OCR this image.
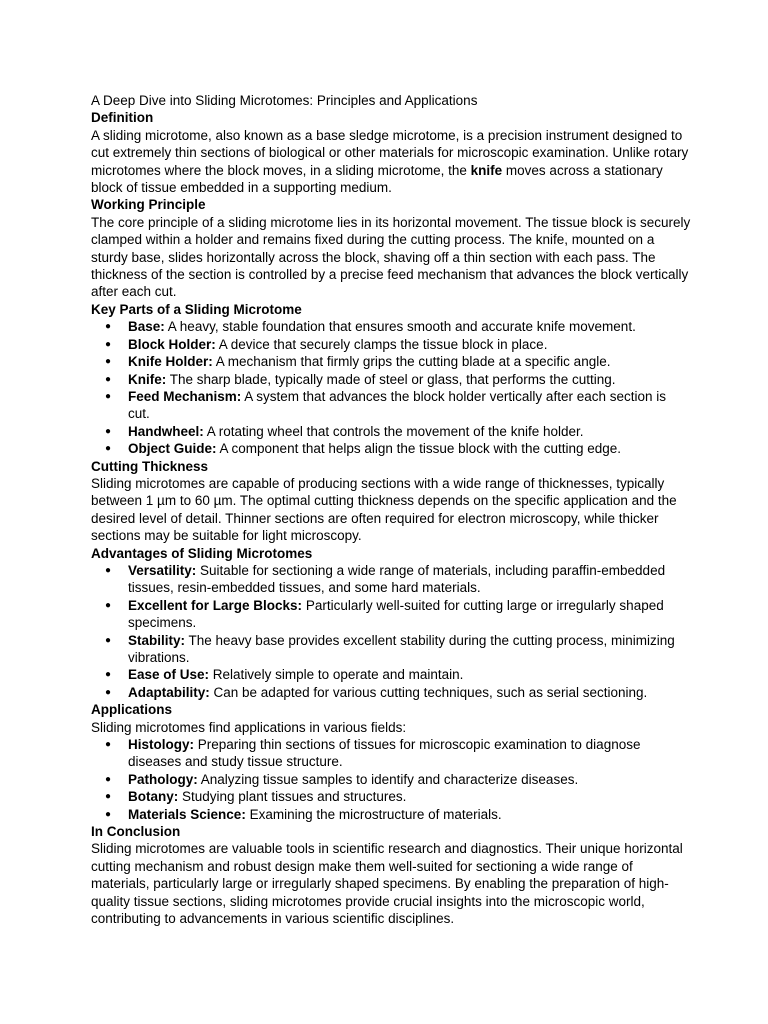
A Deep Dive into Sliding Microtomes: Principles and Applications

Definition

A sliding microtome, also known as a base sledge microtome, is a precision instrument designed to cut extremely thin sections of biological or other materials for microscopic examination. Unlike rotary microtomes where the block moves, in a sliding microtome, the knife moves across a stationary block of tissue embedded in a supporting medium.

Working Principle

The core principle of a sliding microtome lies in its horizontal movement. The tissue block is securely clamped within a holder and remains fixed during the cutting process. The knife, mounted on a sturdy base, slides horizontally across the block, shaving off a thin section with each pass. The thickness of the section is controlled by a precise feed mechanism that advances the block vertically after each cut.

Key Parts of a Sliding Microtome
● Base: A heavy, stable foundation that ensures smooth and accurate knife movement.
● Block Holder: A device that securely clamps the tissue block in place.
● Knife Holder: A mechanism that firmly grips the cutting blade at a specific angle.
● Knife: The sharp blade, typically made of steel or glass, that performs the cutting.
● Feed Mechanism: A system that advances the block holder vertically after each section is cut.
● Handwheel: A rotating wheel that controls the movement of the knife holder.
● Object Guide: A component that helps align the tissue block with the cutting edge.
Cutting Thickness

Sliding microtomes are capable of producing sections with a wide range of thicknesses, typically between 1 µm to 60 µm. The optimal cutting thickness depends on the specific application and the desired level of detail. Thinner sections are often required for electron microscopy, while thicker sections may be suitable for light microscopy.

Advantages of Sliding Microtomes
● Versatility: Suitable for sectioning a wide range of materials, including paraffin-embedded tissues, resin-embedded tissues, and some hard materials.
● Excellent for Large Blocks: Particularly well-suited for cutting large or irregularly shaped specimens.
● Stability: The heavy base provides excellent stability during the cutting process, minimizing vibrations.
● Ease of Use: Relatively simple to operate and maintain.
● Adaptability: Can be adapted for various cutting techniques, such as serial sectioning.
Applications

Sliding microtomes find applications in various fields:

● Histology: Preparing thin sections of tissues for microscopic examination to diagnose diseases and study tissue structure.
● Pathology: Analyzing tissue samples to identify and characterize diseases.
● Botany: Studying plant tissues and structures.
● Materials Science: Examining the microstructure of materials.
In Conclusion

Sliding microtomes are valuable tools in scientific research and diagnostics. Their unique horizontal cutting mechanism and robust design make them well-suited for sectioning a wide range of materials, particularly large or irregularly shaped specimens. By enabling the preparation of high-quality tissue sections, sliding microtomes provide crucial insights into the microscopic world, contributing to advancements in various scientific disciplines.
